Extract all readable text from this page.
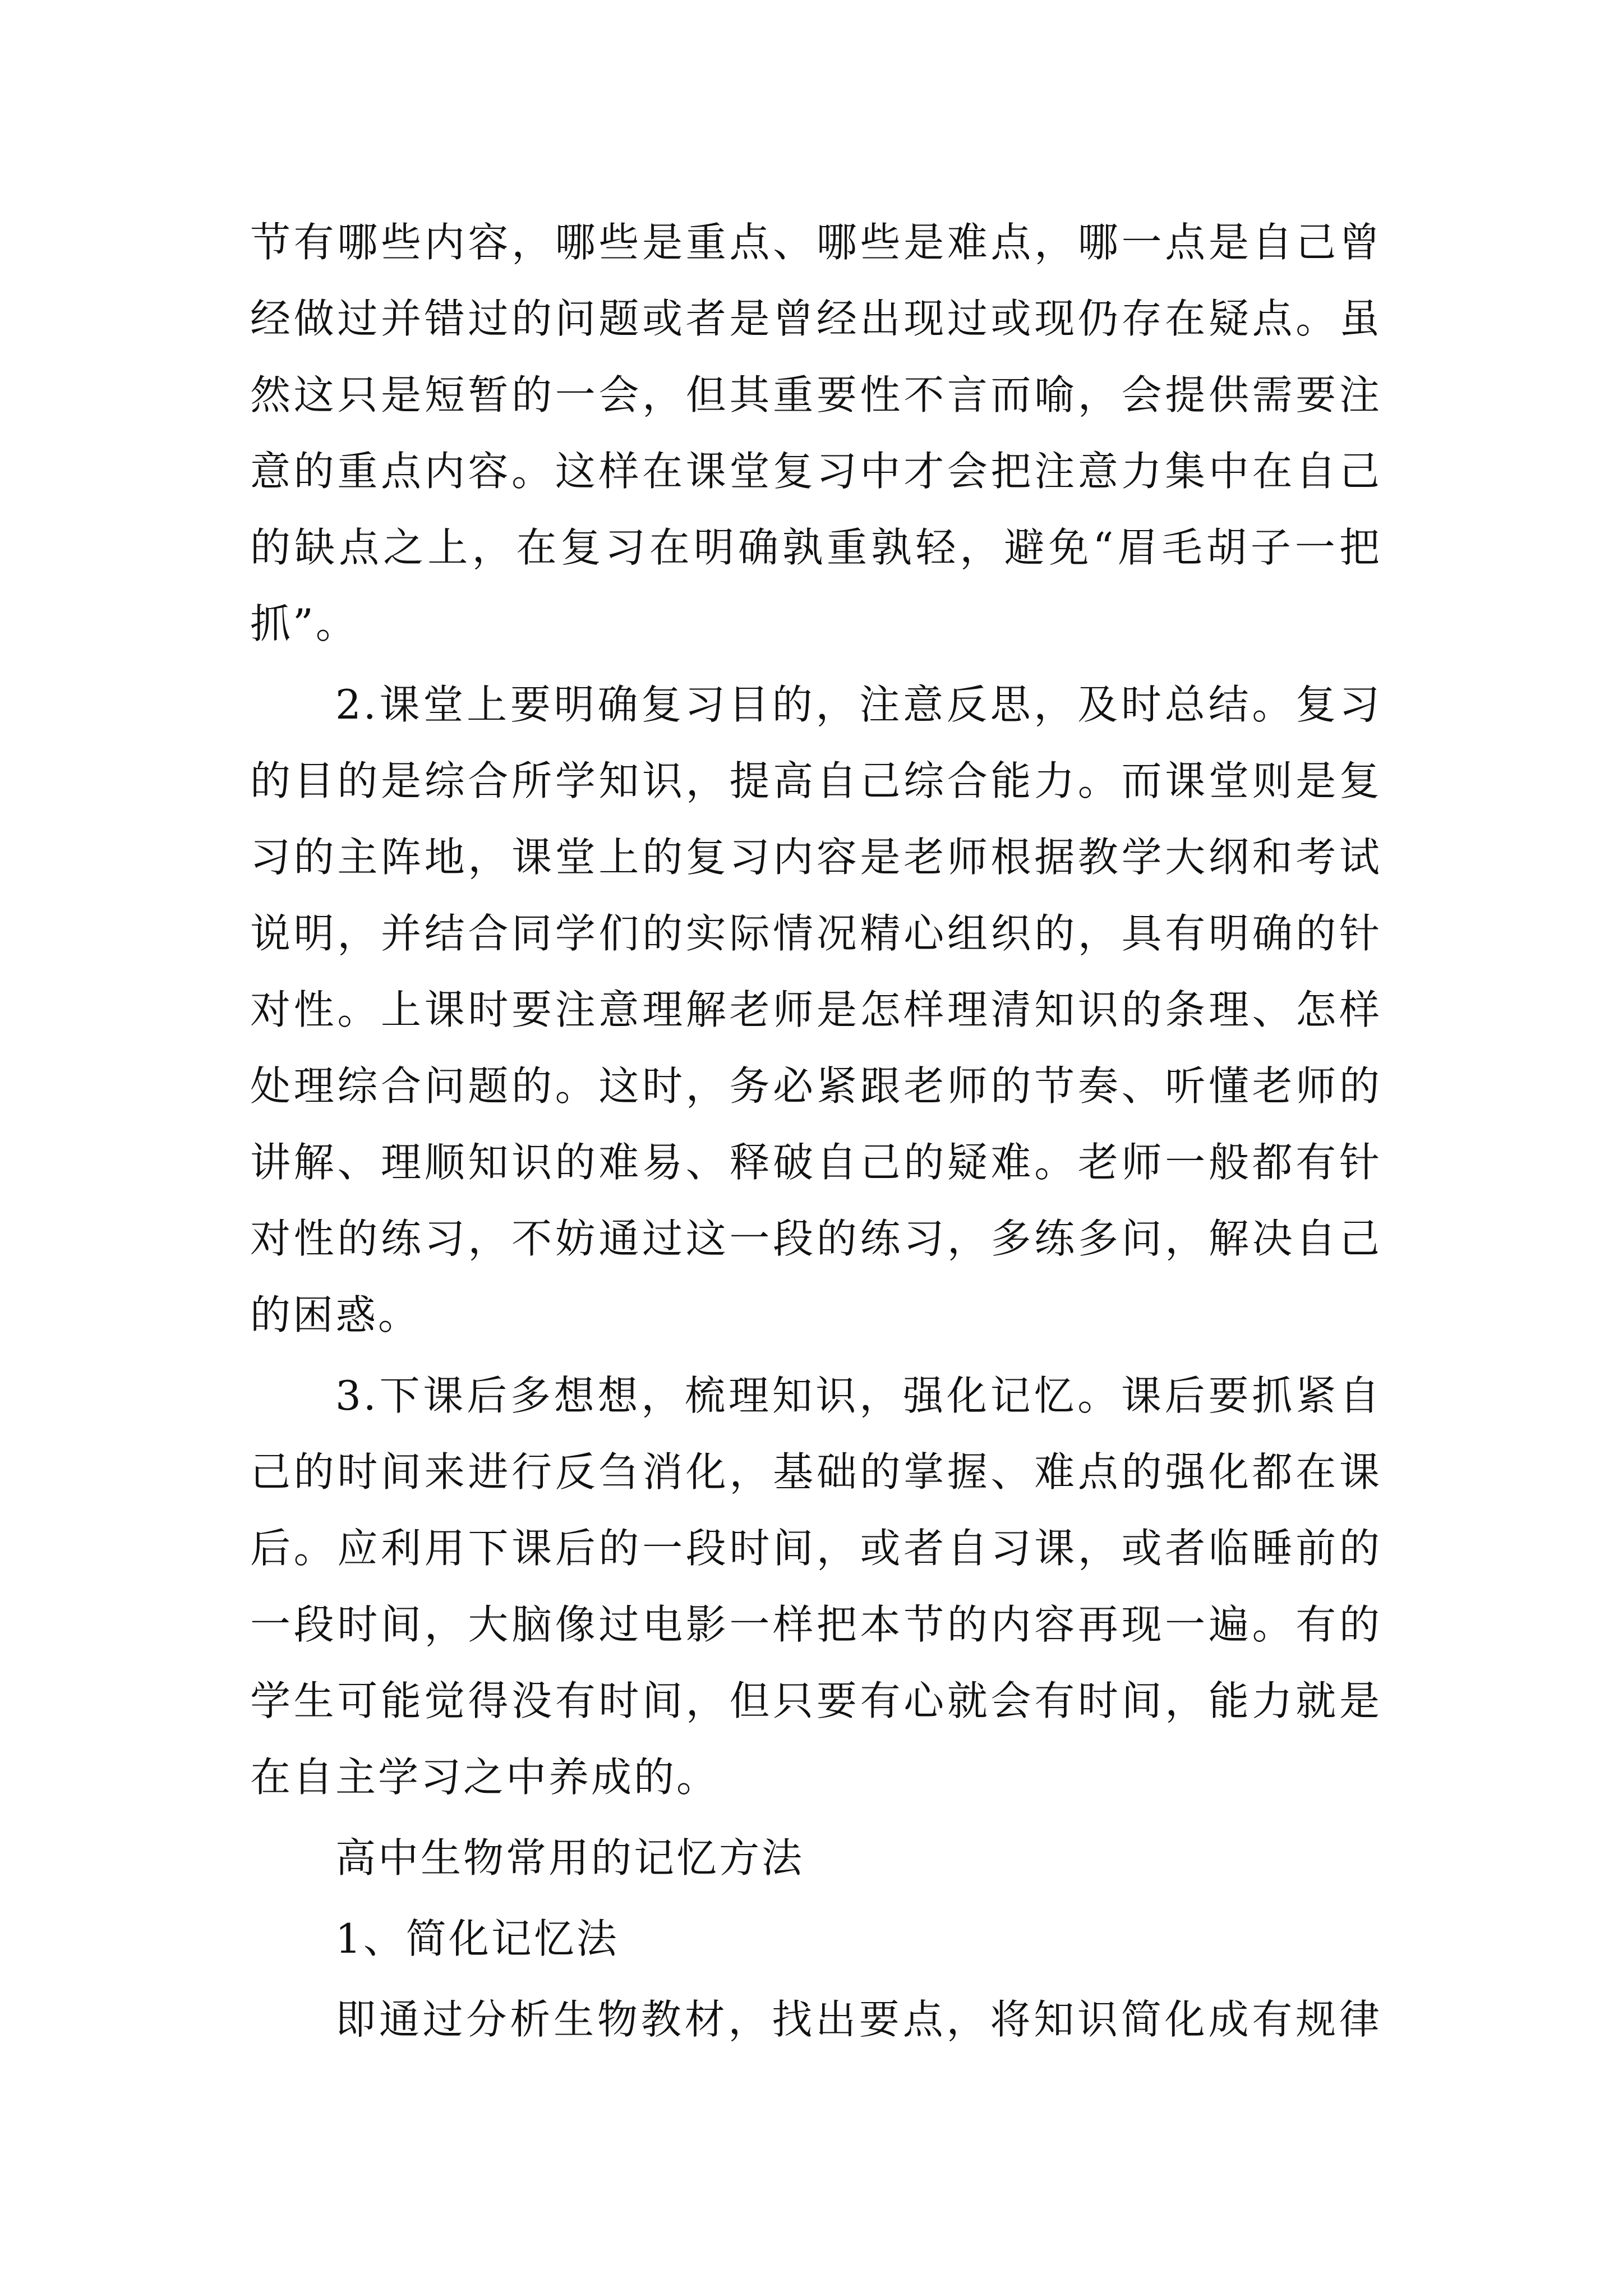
节有哪些内容，哪些是重点、哪些是难点，哪一点是自己曾
经做过并错过的问题或者是曾经出现过或现仍存在疑点。虽
然这只是短暂的一会，但其重要性不言而喻，会提供需要注
意的重点内容。这样在课堂复习中才会把注意力集中在自己
的缺点之上，在复习在明确孰重孰轻，避免“眉毛胡子一把
抓”。
2.课堂上要明确复习目的，注意反思，及时总结。复习
的目的是综合所学知识，提高自己综合能力。而课堂则是复
习的主阵地，课堂上的复习内容是老师根据教学大纲和考试
说明，并结合同学们的实际情况精心组织的，具有明确的针
对性。上课时要注意理解老师是怎样理清知识的条理、怎样
处理综合问题的。这时，务必紧跟老师的节奏、听懂老师的
讲解、理顺知识的难易、释破自己的疑难。老师一般都有针
对性的练习，不妨通过这一段的练习，多练多问，解决自己
的困惑。
3.下课后多想想，梳理知识，强化记忆。课后要抓紧自
己的时间来进行反刍消化，基础的掌握、难点的强化都在课
后。应利用下课后的一段时间，或者自习课，或者临睡前的
一段时间，大脑像过电影一样把本节的内容再现一遍。有的
学生可能觉得没有时间，但只要有心就会有时间，能力就是
在自主学习之中养成的。
高中生物常用的记忆方法
1、简化记忆法
即通过分析生物教材，找出要点，将知识简化成有规律
